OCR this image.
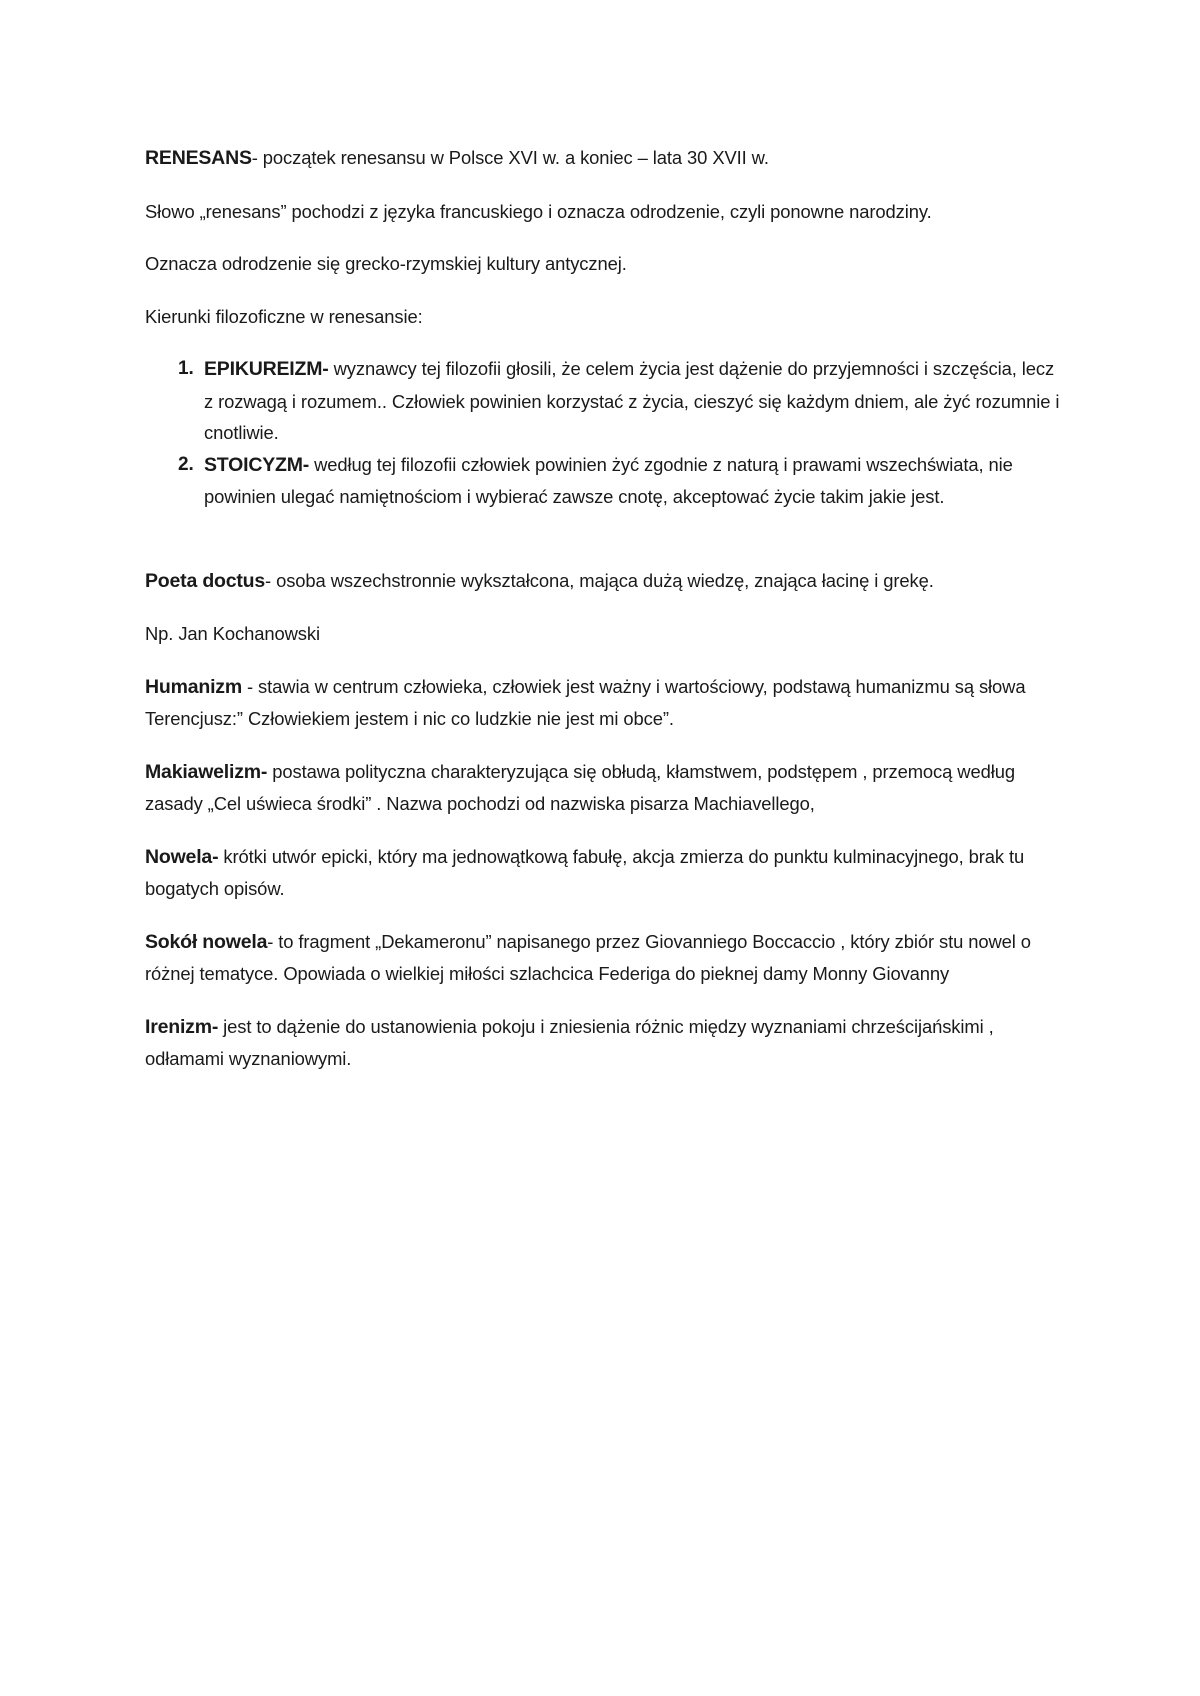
RENESANS- początek renesansu w Polsce XVI w. a koniec – lata 30 XVII w.

Słowo „renesans” pochodzi z języka francuskiego i oznacza odrodzenie, czyli ponowne narodziny.

Oznacza odrodzenie się grecko-rzymskiej kultury antycznej.

Kierunki filozoficzne w renesansie:

1. EPIKUREIZM- wyznawcy tej filozofii głosili, że celem życia jest dążenie do przyjemności i szczęścia, lecz z rozwagą i rozumem.. Człowiek powinien korzystać z życia, cieszyć się każdym dniem, ale żyć rozumnie i cnotliwie.
2. STOICYZM- według tej filozofii człowiek powinien żyć zgodnie z naturą i prawami wszechświata, nie powinien ulegać namiętnościom i wybierać zawsze cnotę, akceptować życie takim jakie jest.

Poeta doctus- osoba wszechstronnie wykształcona, mająca dużą wiedzę, znająca łacinę i grekę.

Np. Jan Kochanowski

Humanizm - stawia w centrum człowieka, człowiek jest ważny i wartościowy, podstawą humanizmu są słowa Terencjusz:” Człowiekiem jestem i nic co ludzkie nie jest mi obce”.

Makiawelizm- postawa polityczna charakteryzująca się obłudą, kłamstwem, podstępem , przemocą według zasady „Cel uświeca środki” . Nazwa pochodzi od nazwiska pisarza Machiavellego,

Nowela- krótki utwór epicki, który ma jednowątkową fabułę, akcja zmierza do punktu kulminacyjnego, brak tu bogatych opisów.

Sokół nowela- to fragment „Dekameronu” napisanego przez Giovanniego Boccaccio , który zbiór stu nowel o różnej tematyce. Opowiada o wielkiej miłości szlachcica Federiga do pieknej damy Monny Giovanny

Irenizm- jest to dążenie do ustanowienia pokoju i zniesienia różnic między wyznaniami chrześcijańskimi , odłamami wyznaniowymi.
